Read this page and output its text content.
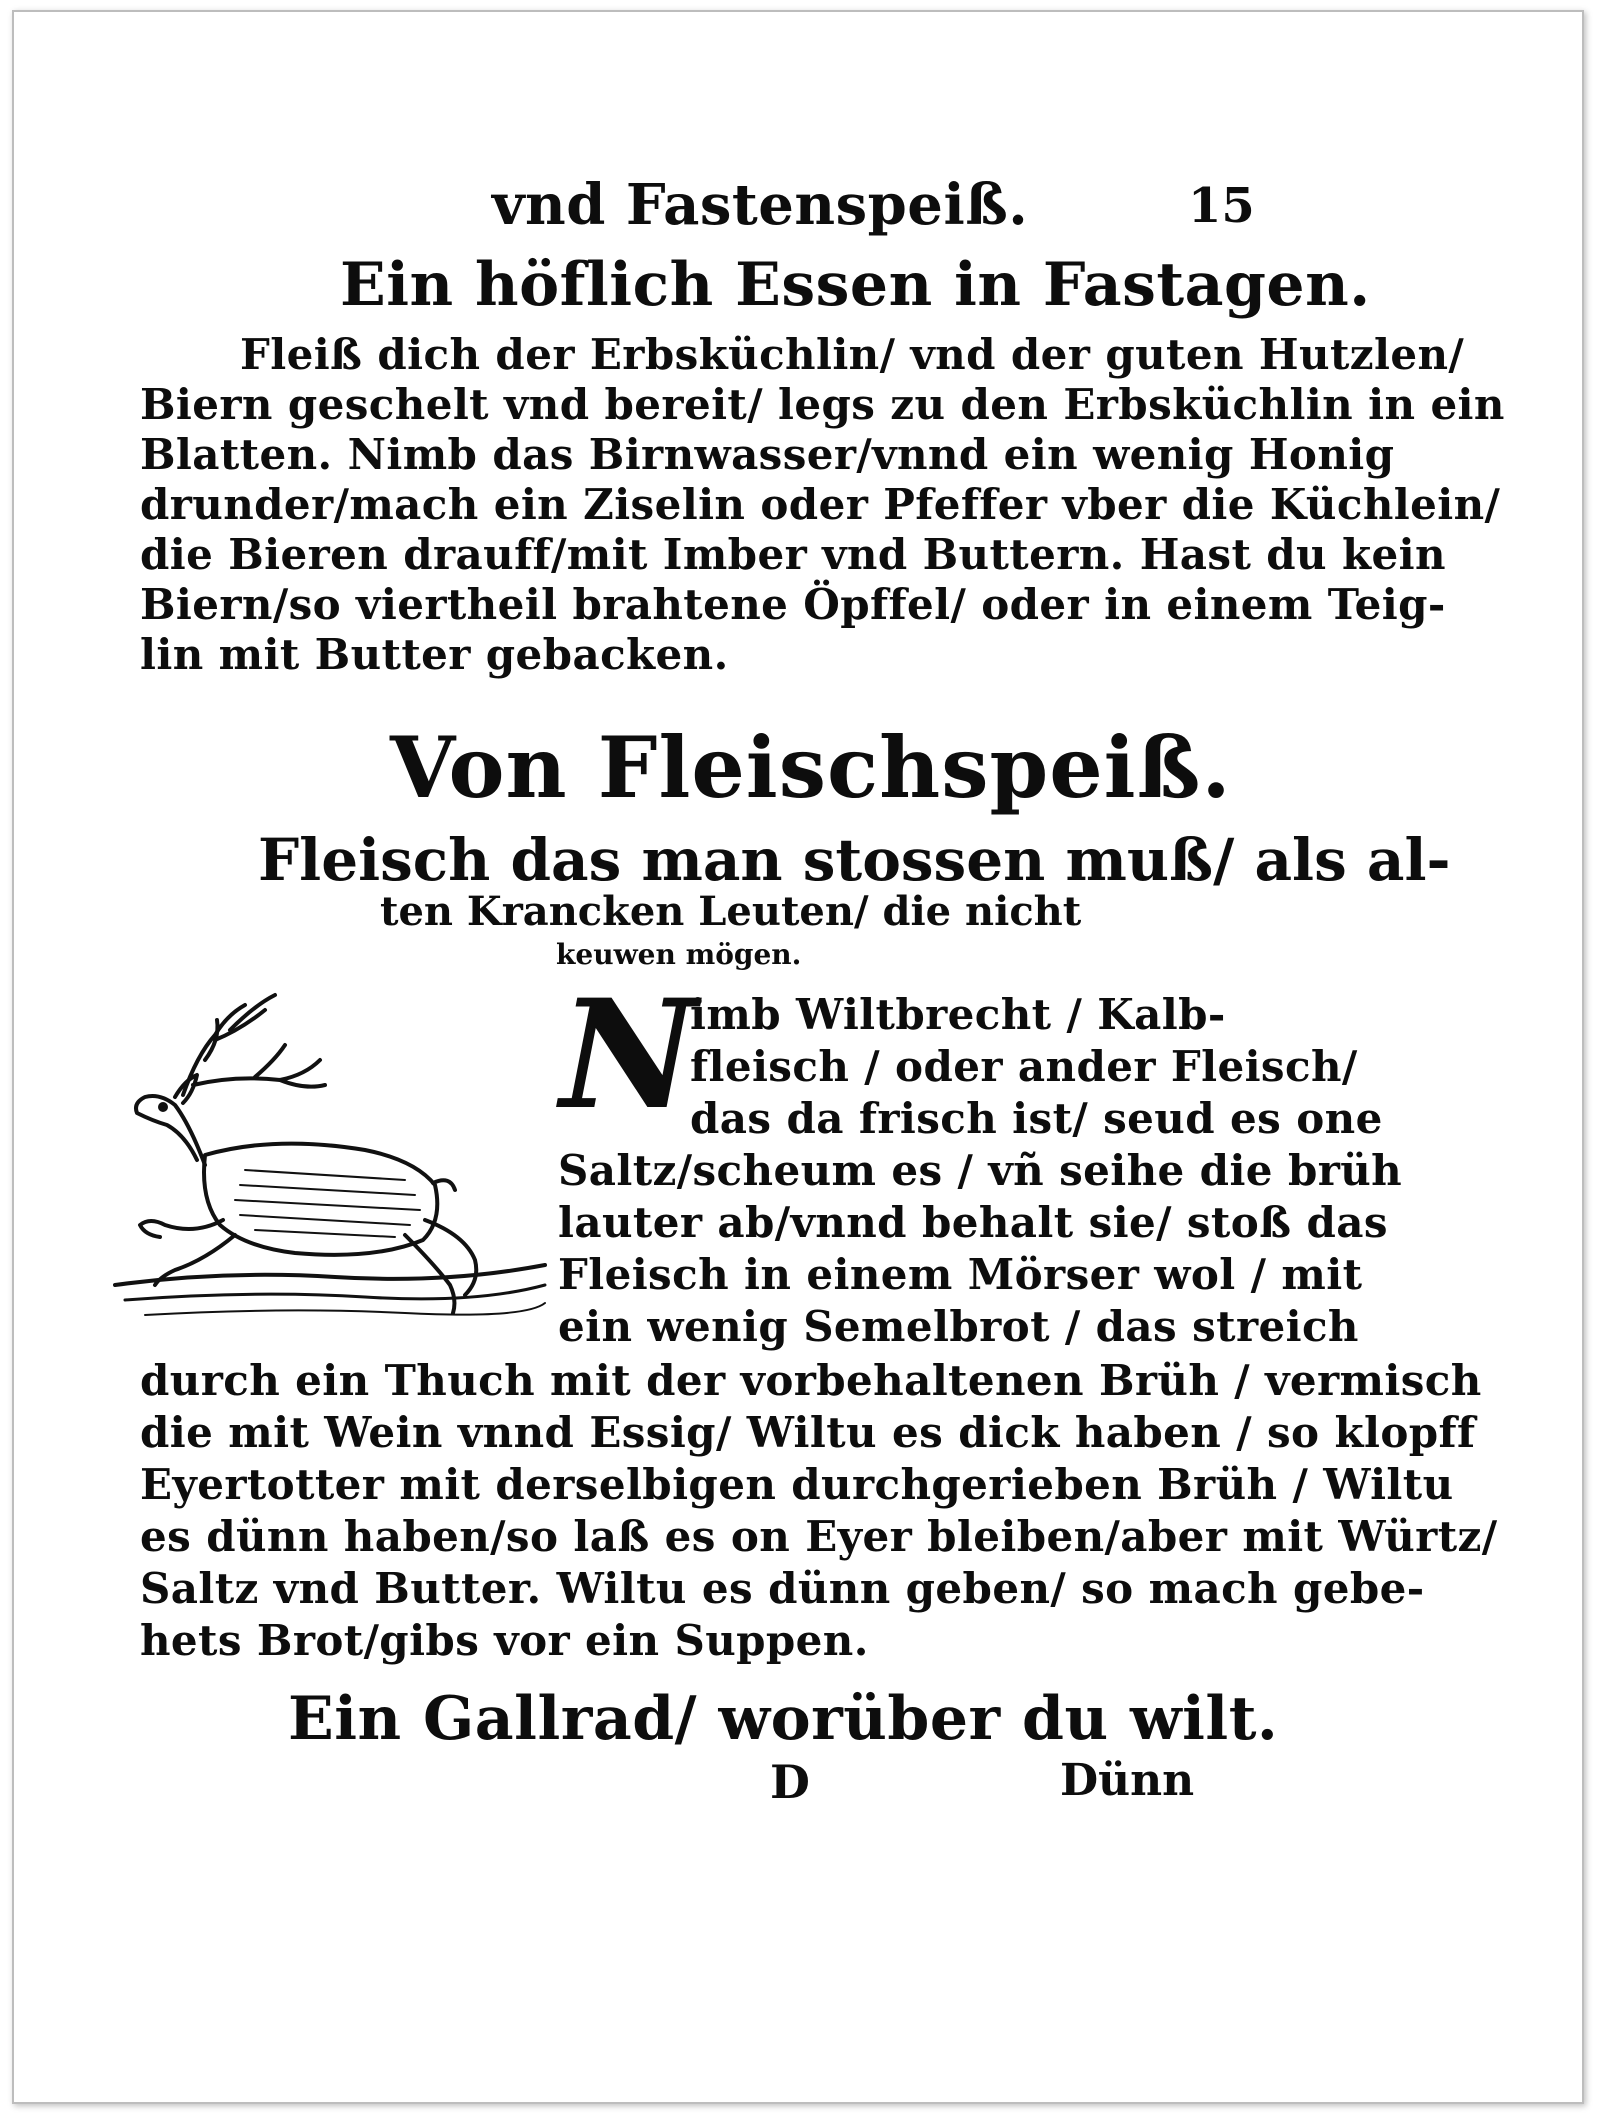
vnd Fastenspeiß.	15
Ein höflich Essen in Fastagen.
Fleiß dich der Erbsküchlin/ vnd der guten Hutzlen/
Biern geschelt vnd bereit/ legs zu den Erbsküchlin in ein
Blatten. Nimb das Birnwasser/vnnd ein wenig Honig
drunder/mach ein Ziselin oder Pfeffer vber die Küchlein/
die Bieren drauff/mit Imber vnd Buttern. Hast du kein
Biern/so viertheil brahtene Öpffel/ oder in einem Teig-
lin mit Butter gebacken.
Von Fleischspeiß.
Fleisch das man stossen muß/ als al-
ten Krancken Leuten/ die nicht
keuwen mögen.
N
imb Wiltbrecht / Kalb-
fleisch / oder ander Fleisch/
das da frisch ist/ seud es one
Saltz/scheum es / vñ seihe die brüh
lauter ab/vnnd behalt sie/ stoß das
Fleisch in einem Mörser wol / mit
ein wenig Semelbrot / das streich
durch ein Thuch mit der vorbehaltenen Brüh / vermisch
die mit Wein vnnd Essig/ Wiltu es dick haben / so klopff
Eyertotter mit derselbigen durchgerieben Brüh / Wiltu
es dünn haben/so laß es on Eyer bleiben/aber mit Würtz/
Saltz vnd Butter. Wiltu es dünn geben/ so mach gebe-
hets Brot/gibs vor ein Suppen.
Ein Gallrad/ worüber du wilt.
D	Dünn
